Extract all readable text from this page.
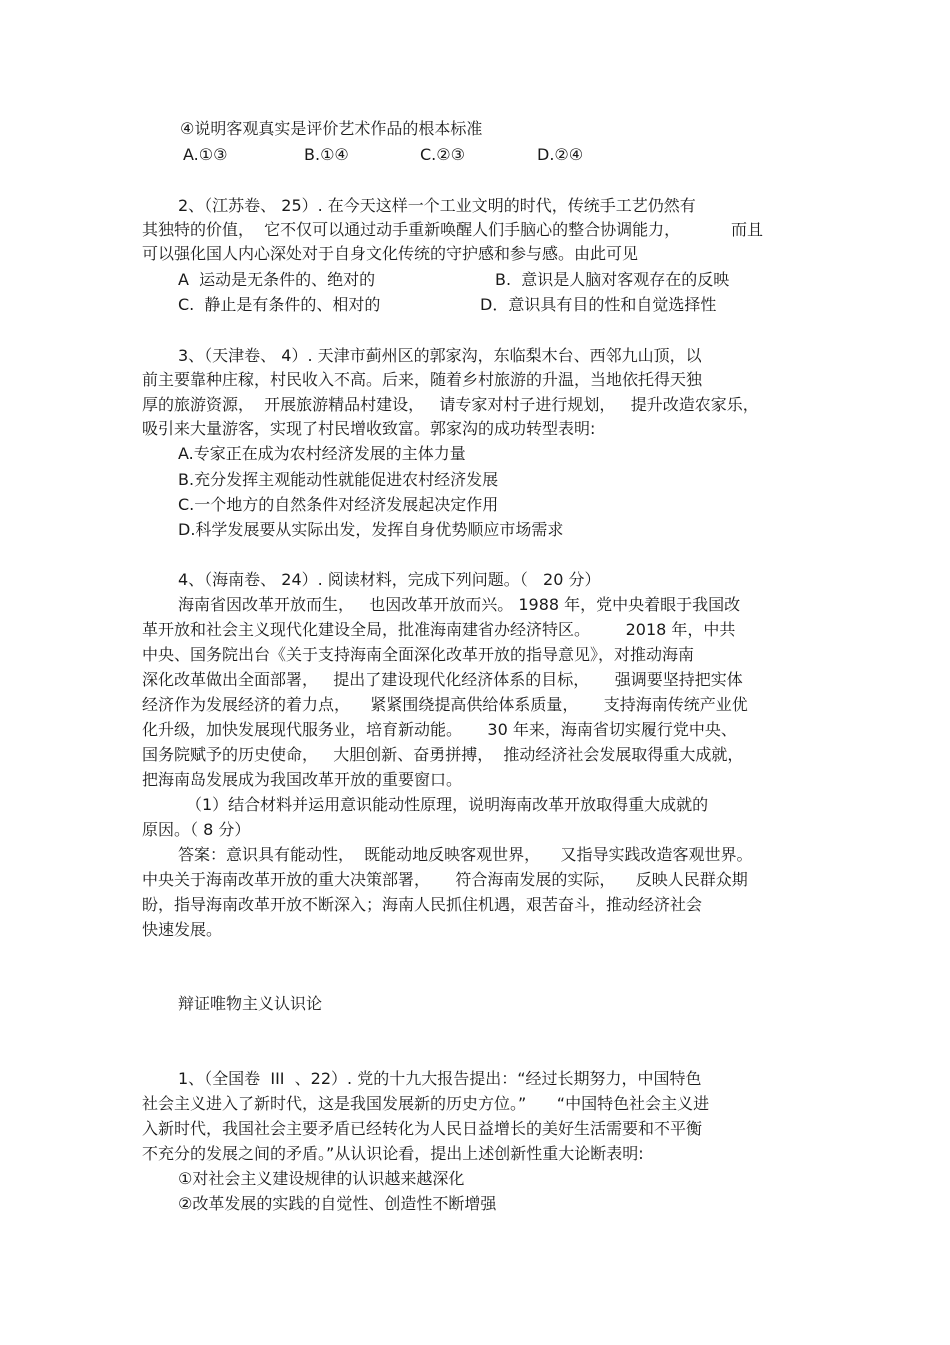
④说明客观真实是评价艺术作品的根本标准
A.①③	B.①④	C.②③	D.②④
2、（江苏卷、 25）. 在今天这样一个工业文明的时代，传统手工艺仍然有
其独特的价值，  它不仅可以通过动手重新唤醒人们手脑心的整合协调能力，          而且
可以强化国人内心深处对于自身文化传统的守护感和参与感。由此可见
A  运动是无条件的、绝对的	B.  意识是人脑对客观存在的反映
C.  静止是有条件的、相对的	D．意识具有目的性和自觉选择性
3、（天津卷、 4）. 天津市蓟州区的郭家沟，东临梨木台、西邻九山顶，以
前主要靠种庄稼，村民收入不高。后来，随着乡村旅游的升温，当地依托得天独
厚的旅游资源，  开展旅游精品村建设，   请专家对村子进行规划，   提升改造农家乐，
吸引来大量游客，实现了村民增收致富。郭家沟的成功转型表明:
A.专家正在成为农村经济发展的主体力量
B.充分发挥主观能动性就能促进农村经济发展
C.一个地方的自然条件对经济发展起决定作用
D.科学发展要从实际出发，发挥自身优势顺应市场需求
4、（海南卷、 24）. 阅读材料，完成下列问题。（   20 分）
海南省因改革开放而生，   也因改革开放而兴。 1988 年，党中央着眼于我国改
革开放和社会主义现代化建设全局，批准海南建省办经济特区。       2018 年，中共
中央、国务院出台《关于支持海南全面深化改革开放的指导意见》，对推动海南
深化改革做出全面部署，   提出了建设现代化经济体系的目标，     强调要坚持把实体
经济作为发展经济的着力点，    紧紧围绕提高供给体系质量，     支持海南传统产业优
化升级，加快发展现代服务业，培育新动能。     30 年来，海南省切实履行党中央、
国务院赋予的历史使命，   大胆创新、奋勇拼搏，  推动经济社会发展取得重大成就，
把海南岛发展成为我国改革开放的重要窗口。
（1）结合材料并运用意识能动性原理，说明海南改革开放取得重大成就的
原因。（ 8 分）
答案：意识具有能动性，  既能动地反映客观世界，    又指导实践改造客观世界。
中央关于海南改革开放的重大决策部署，     符合海南发展的实际，    反映人民群众期
盼，指导海南改革开放不断深入；海南人民抓住机遇，艰苦奋斗，推动经济社会
快速发展。
辩证唯物主义认识论
1、（全国卷  III  、22）. 党的十九大报告提出：“经过长期努力，中国特色
社会主义进入了新时代，这是我国发展新的历史方位。”      “中国特色社会主义进
入新时代，我国社会主要矛盾已经转化为人民日益增长的美好生活需要和不平衡
不充分的发展之间的矛盾。”从认识论看，提出上述创新性重大论断表明:
①对社会主义建设规律的认识越来越深化
②改革发展的实践的自觉性、创造性不断增强
